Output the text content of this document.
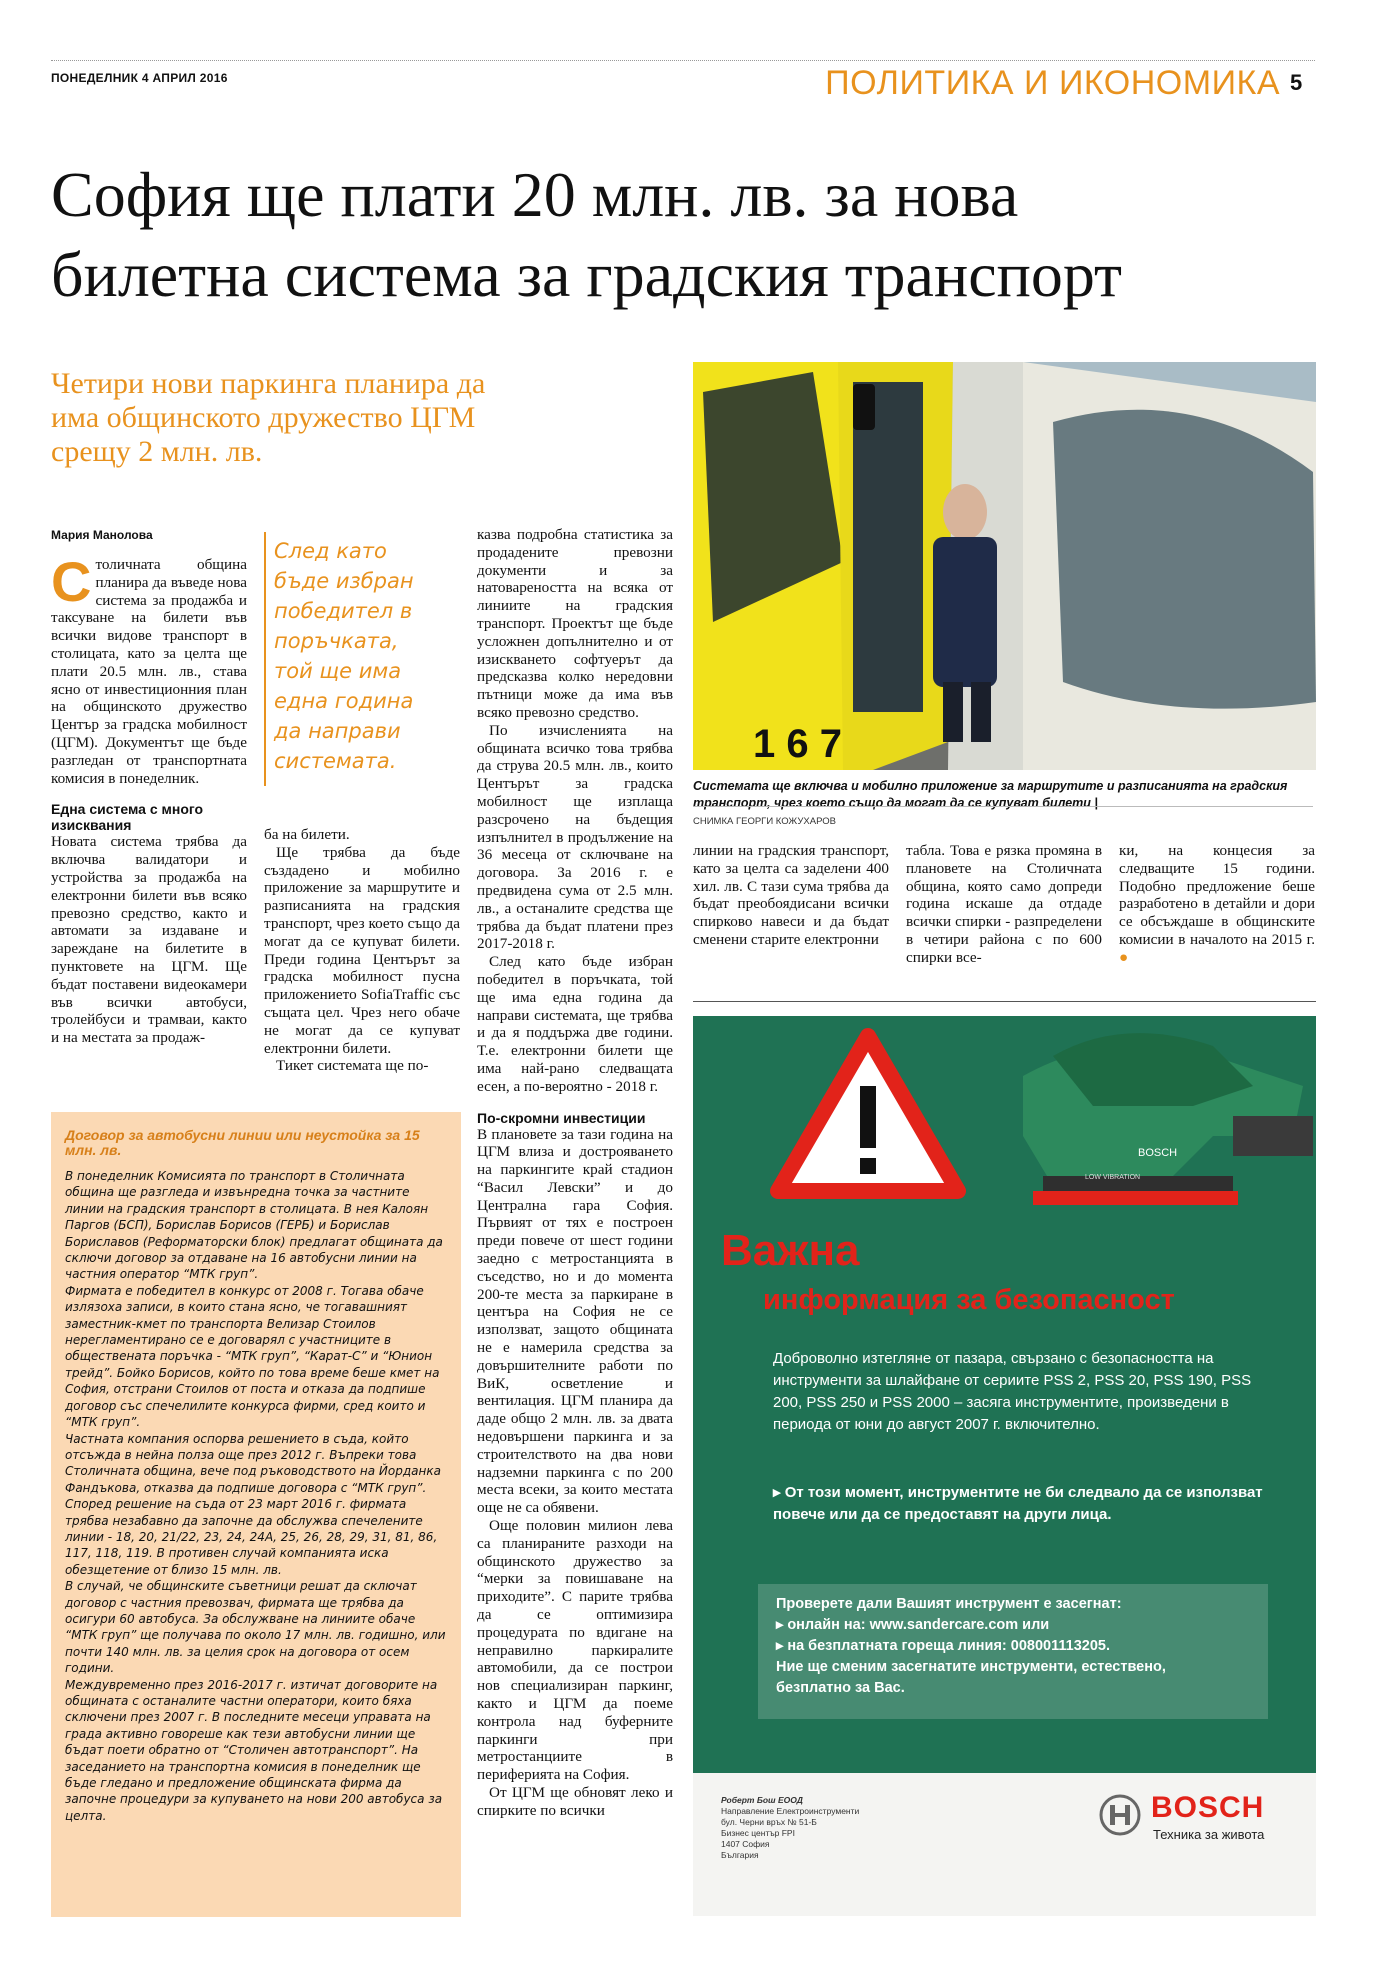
ПОНЕДЕЛНИК 4 АПРИЛ 2016	ПОЛИТИКА И ИКОНОМИКА 5
София ще плати 20 млн. лв. за нова
билетна система за градския транспорт
Четири нови паркинга планира да има общинското дружество ЦГМ срещу 2 млн. лв.
Мария Манолова

Столичната община планира да въведе нова система за продажба и таксуване на билети във всички видове транспорт в столицата, като за целта ще плати 20.5 млн. лв., става ясно от инвестиционния план на общинското дружество Център за градска мобилност (ЦГМ). Документът ще бъде разгледан от транспортната комисия в понеделник.

Една система с много изисквания

Новата система трябва да включва валидатори и устройства за продажба на електронни билети във всяко превозно средство, както и автомати за издаване и зареждане на билетите в пунктовете на ЦГМ. Ще бъдат поставени видеокамери във всички автобуси, тролейбуси и трамваи, както и на местата за продаж-

След като
бъде избран
победител в
поръчката,
той ще има
една година
да направи
системата.

ба на билети.

Ще трябва да бъде създадено и мобилно приложение за маршрутите и разписанията на градския транспорт, чрез което също да могат да се купуват билети. Преди година Центърът за градска мобилност пусна приложението SofiaTraffic със същата цел. Чрез него обаче не могат да се купуват електронни билети.

Тикет системата ще по-

казва подробна статистика за продадените превозни документи и за натовареността на всяка от линиите на градския транспорт. Проектът ще бъде усложнен допълнително и от изискването софтуерът да предсказва колко нередовни пътници може да има във всяко превозно средство.

По изчисленията на общината всичко това трябва да струва 20.5 млн. лв., които Центърът за градска мобилност ще изплаща разсрочено на бъдещия изпълнител в продължение на 36 месеца от сключване на договора. За 2016 г. е предвидена сума от 2.5 млн. лв., а останалите средства ще трябва да бъдат платени през 2017-2018 г.

След като бъде избран победител в поръчката, той ще има една година да направи системата, ще трябва и да я поддържа две години. Т.е. електронни билети ще има най-рано следващата есен, а по-вероятно - 2018 г.

По-скромни инвестиции

В плановете за тази година на ЦГМ влиза и дострояването на паркингите край стадион “Васил Левски” и до Централна гара София. Първият от тях е построен преди повече от шест години заедно с метростанцията в съседство, но и до момента 200-те места за паркиране в центъра на София не се използват, защото общината не е намерила средства за довършителните работи по ВиК, осветление и вентилация. ЦГМ планира да даде общо 2 млн. лв. за двата недовършени паркинга и за строителството на два нови надземни паркинга с по 200 места всеки, за които местата още не са обявени.

Още половин милион лева са планираните разходи на общинското дружество за “мерки за повишаване на приходите”. С парите трябва да се оптимизира процедурата по вдигане на неправилно паркиралите автомобили, да се построи нов специализиран паркинг, както и ЦГМ да поеме контрола над буферните паркинги при метростанциите в периферията на София.

От ЦГМ ще обновят леко и спирките по всички

1 6 7
Системата ще включва и мобилно приложение за маршрутите и разписанията на градския транспорт, чрез което също да могат да се купуват билети |
СНИМКА ГЕОРГИ КОЖУХАРОВ

линии на градския транспорт, като за целта са заделени 400 хил. лв. С тази сума трябва да бъдат преобоядисани всички спирково навеси и да бъдат сменени старите електронни

табла. Това е рязка промяна в плановете на Столичната община, която само допреди година искаше да отдаде всички спирки - разпределени в четири района с по 600 спирки все-

ки, на концесия за следващите 15 години. Подобно предложение беше разработено в детайли и дори се обсъждаше в общинските комисии в началото на 2015 г. ●

Договор за автобусни линии или неустойка за 15 млн. лв.

В понеделник Комисията по транспорт в Столичната община ще разгледа и извънредна точка за частните линии на градския транспорт в столицата. В нея Калоян Паргов (БСП), Борислав Борисов (ГЕРБ) и Борислав Бориславов (Реформаторски блок) предлагат общината да сключи договор за отдаване на 16 автобусни линии на частния оператор “МТК груп”.

Фирмата е победител в конкурс от 2008 г. Тогава обаче излязоха записи, в които стана ясно, че тогавашният заместник-кмет по транспорта Велизар Стоилов нерегламентирано се е договарял с участниците в обществената поръчка - “МТК груп”, “Карат-С” и “Юнион трейд”. Бойко Борисов, който по това време беше кмет на София, отстрани Стоилов от поста и отказа да подпише договор със спечелилите конкурса фирми, сред които и “МТК груп”.

Частната компания оспорва решението в съда, който отсъжда в нейна полза още през 2012 г. Въпреки това Столичната община, вече под ръководството на Йорданка Фандъкова, отказва да подпише договора с “МТК груп”. Според решение на съда от 23 март 2016 г. фирмата трябва незабавно да започне да обслужва спечелените линии - 18, 20, 21/22, 23, 24, 24А, 25, 26, 28, 29, 31, 81, 86, 117, 118, 119. В противен случай компанията иска обезщетение от близо 15 млн. лв.

В случай, че общинските съветници решат да сключат договор с частния превозвач, фирмата ще трябва да осигури 60 автобуса. За обслужване на линиите обаче “МТК груп” ще получава по около 17 млн. лв. годишно, или почти 140 млн. лв. за целия срок на договора от осем години.

Междувременно през 2016-2017 г. изтичат договорите на общината с останалите частни оператори, които бяха сключени през 2007 г. В последните месеци управата на града активно говореше как тези автобусни линии ще бъдат поети обратно от “Столичен автотранспорт”. На заседанието на транспортна комисия в понеделник ще бъде гледано и предложение общинската фирма да започне процедури за купуването на нови 200 автобуса за целта.

BOSCH
LOW VIBRATION
Важна
информация за безопасност
Доброволно изтегляне от пазара, свързано с безопасността на инструменти за шлайфане от сериите PSS 2, PSS 20, PSS 190, PSS 200, PSS 250 и PSS 2000 – засяга инструментите, произведени в периода от юни до август 2007 г. включително.
▸ От този момент, инструментите не би следвало да се използват повече или да се предоставят на други лица.
Проверете дали Вашият инструмент е засегнат:
▸ онлайн на: www.sandercare.com или
▸ на безплатната гореща линия: 008001113205.
Ние ще сменим засегнатите инструменти, естествено, безплатно за Вас.
Роберт Бош ЕООД
Направление Електроинструменти
бул. Черни връх № 51-Б
Бизнес център FPI
1407 София
България
BOSCH
Техника за живота
